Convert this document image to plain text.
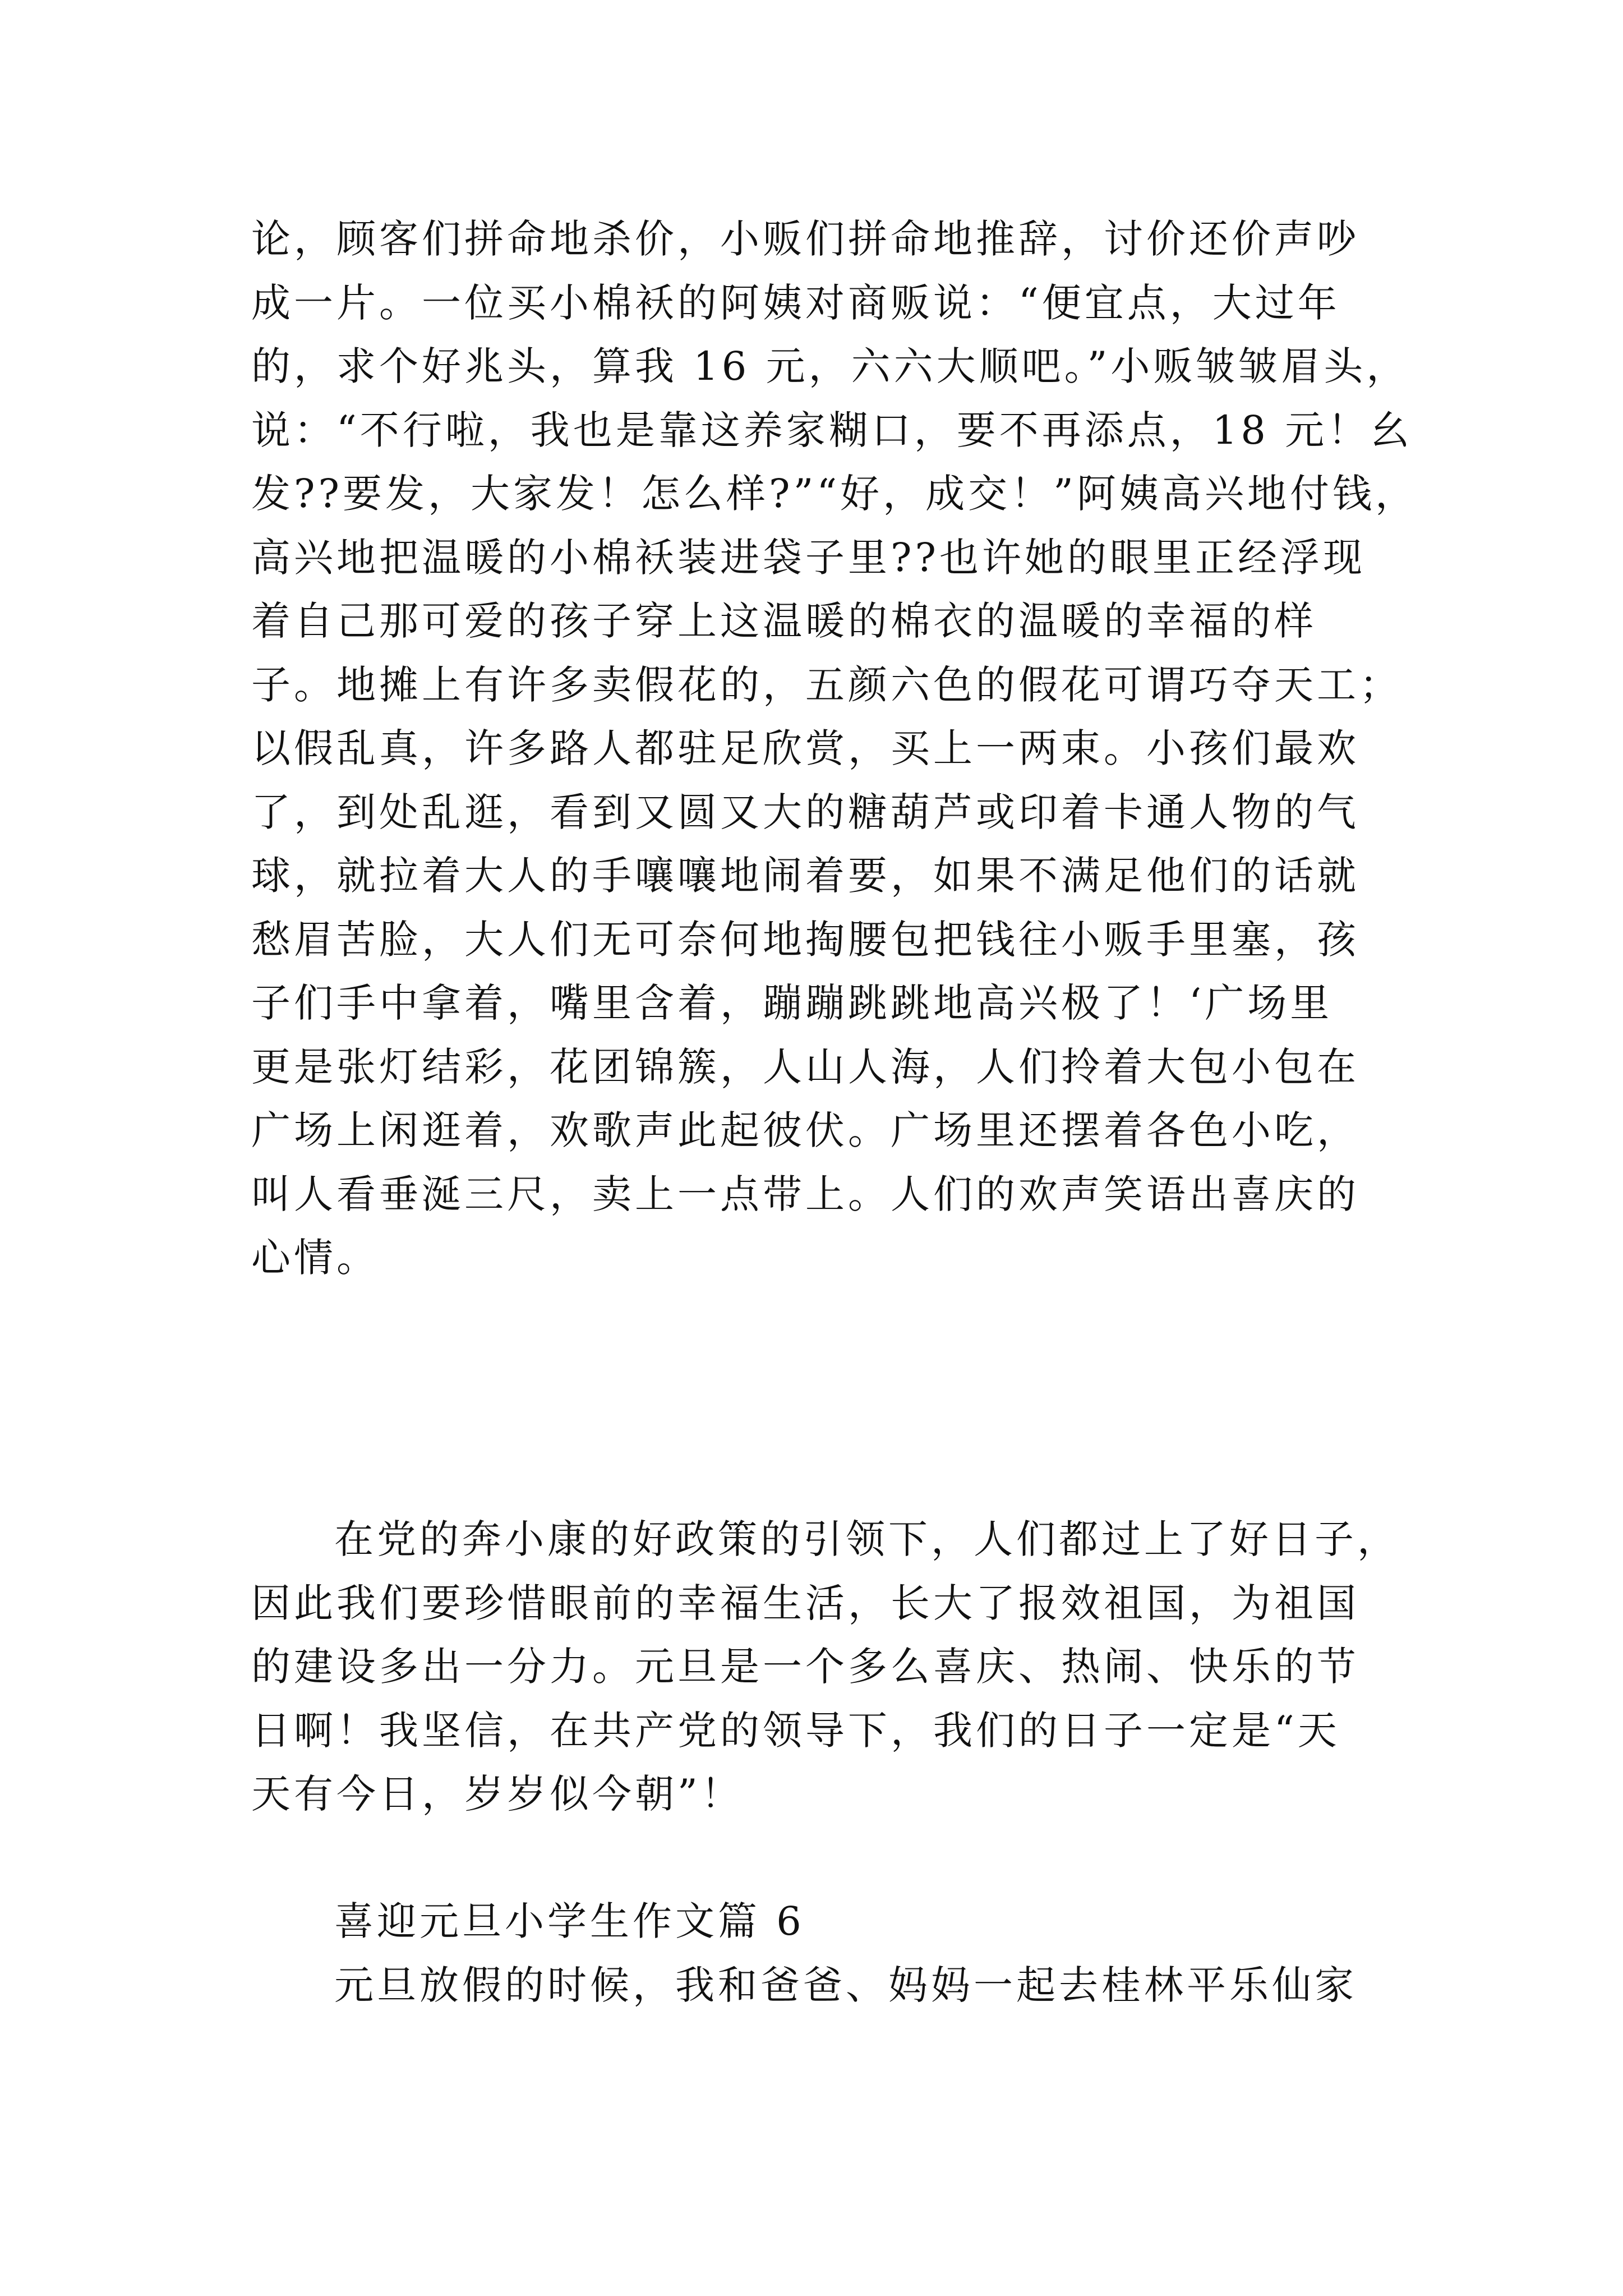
论，顾客们拼命地杀价，小贩们拼命地推辞，讨价还价声吵
成一片。一位买小棉袄的阿姨对商贩说：“便宜点，大过年
的，求个好兆头，算我 16 元，六六大顺吧。”小贩皱皱眉头，
说：“不行啦，我也是靠这养家糊口，要不再添点，18 元！幺
发??要发，大家发！怎么样?”“好，成交！”阿姨高兴地付钱，
高兴地把温暖的小棉袄装进袋子里??也许她的眼里正经浮现
着自己那可爱的孩子穿上这温暖的棉衣的温暖的幸福的样
子。地摊上有许多卖假花的，五颜六色的假花可谓巧夺天工；
以假乱真，许多路人都驻足欣赏，买上一两束。小孩们最欢
了，到处乱逛，看到又圆又大的糖葫芦或印着卡通人物的气
球，就拉着大人的手嚷嚷地闹着要，如果不满足他们的话就
愁眉苦脸，大人们无可奈何地掏腰包把钱往小贩手里塞，孩
子们手中拿着，嘴里含着，蹦蹦跳跳地高兴极了！‘广场里
更是张灯结彩，花团锦簇，人山人海，人们拎着大包小包在
广场上闲逛着，欢歌声此起彼伏。广场里还摆着各色小吃，
叫人看垂涎三尺，卖上一点带上。人们的欢声笑语出喜庆的
心情。
在党的奔小康的好政策的引领下，人们都过上了好日子，
因此我们要珍惜眼前的幸福生活，长大了报效祖国，为祖国
的建设多出一分力。元旦是一个多么喜庆、热闹、快乐的节
日啊！我坚信，在共产党的领导下，我们的日子一定是“天
天有今日，岁岁似今朝”！
喜迎元旦小学生作文篇 6
元旦放假的时候，我和爸爸、妈妈一起去桂林平乐仙家
